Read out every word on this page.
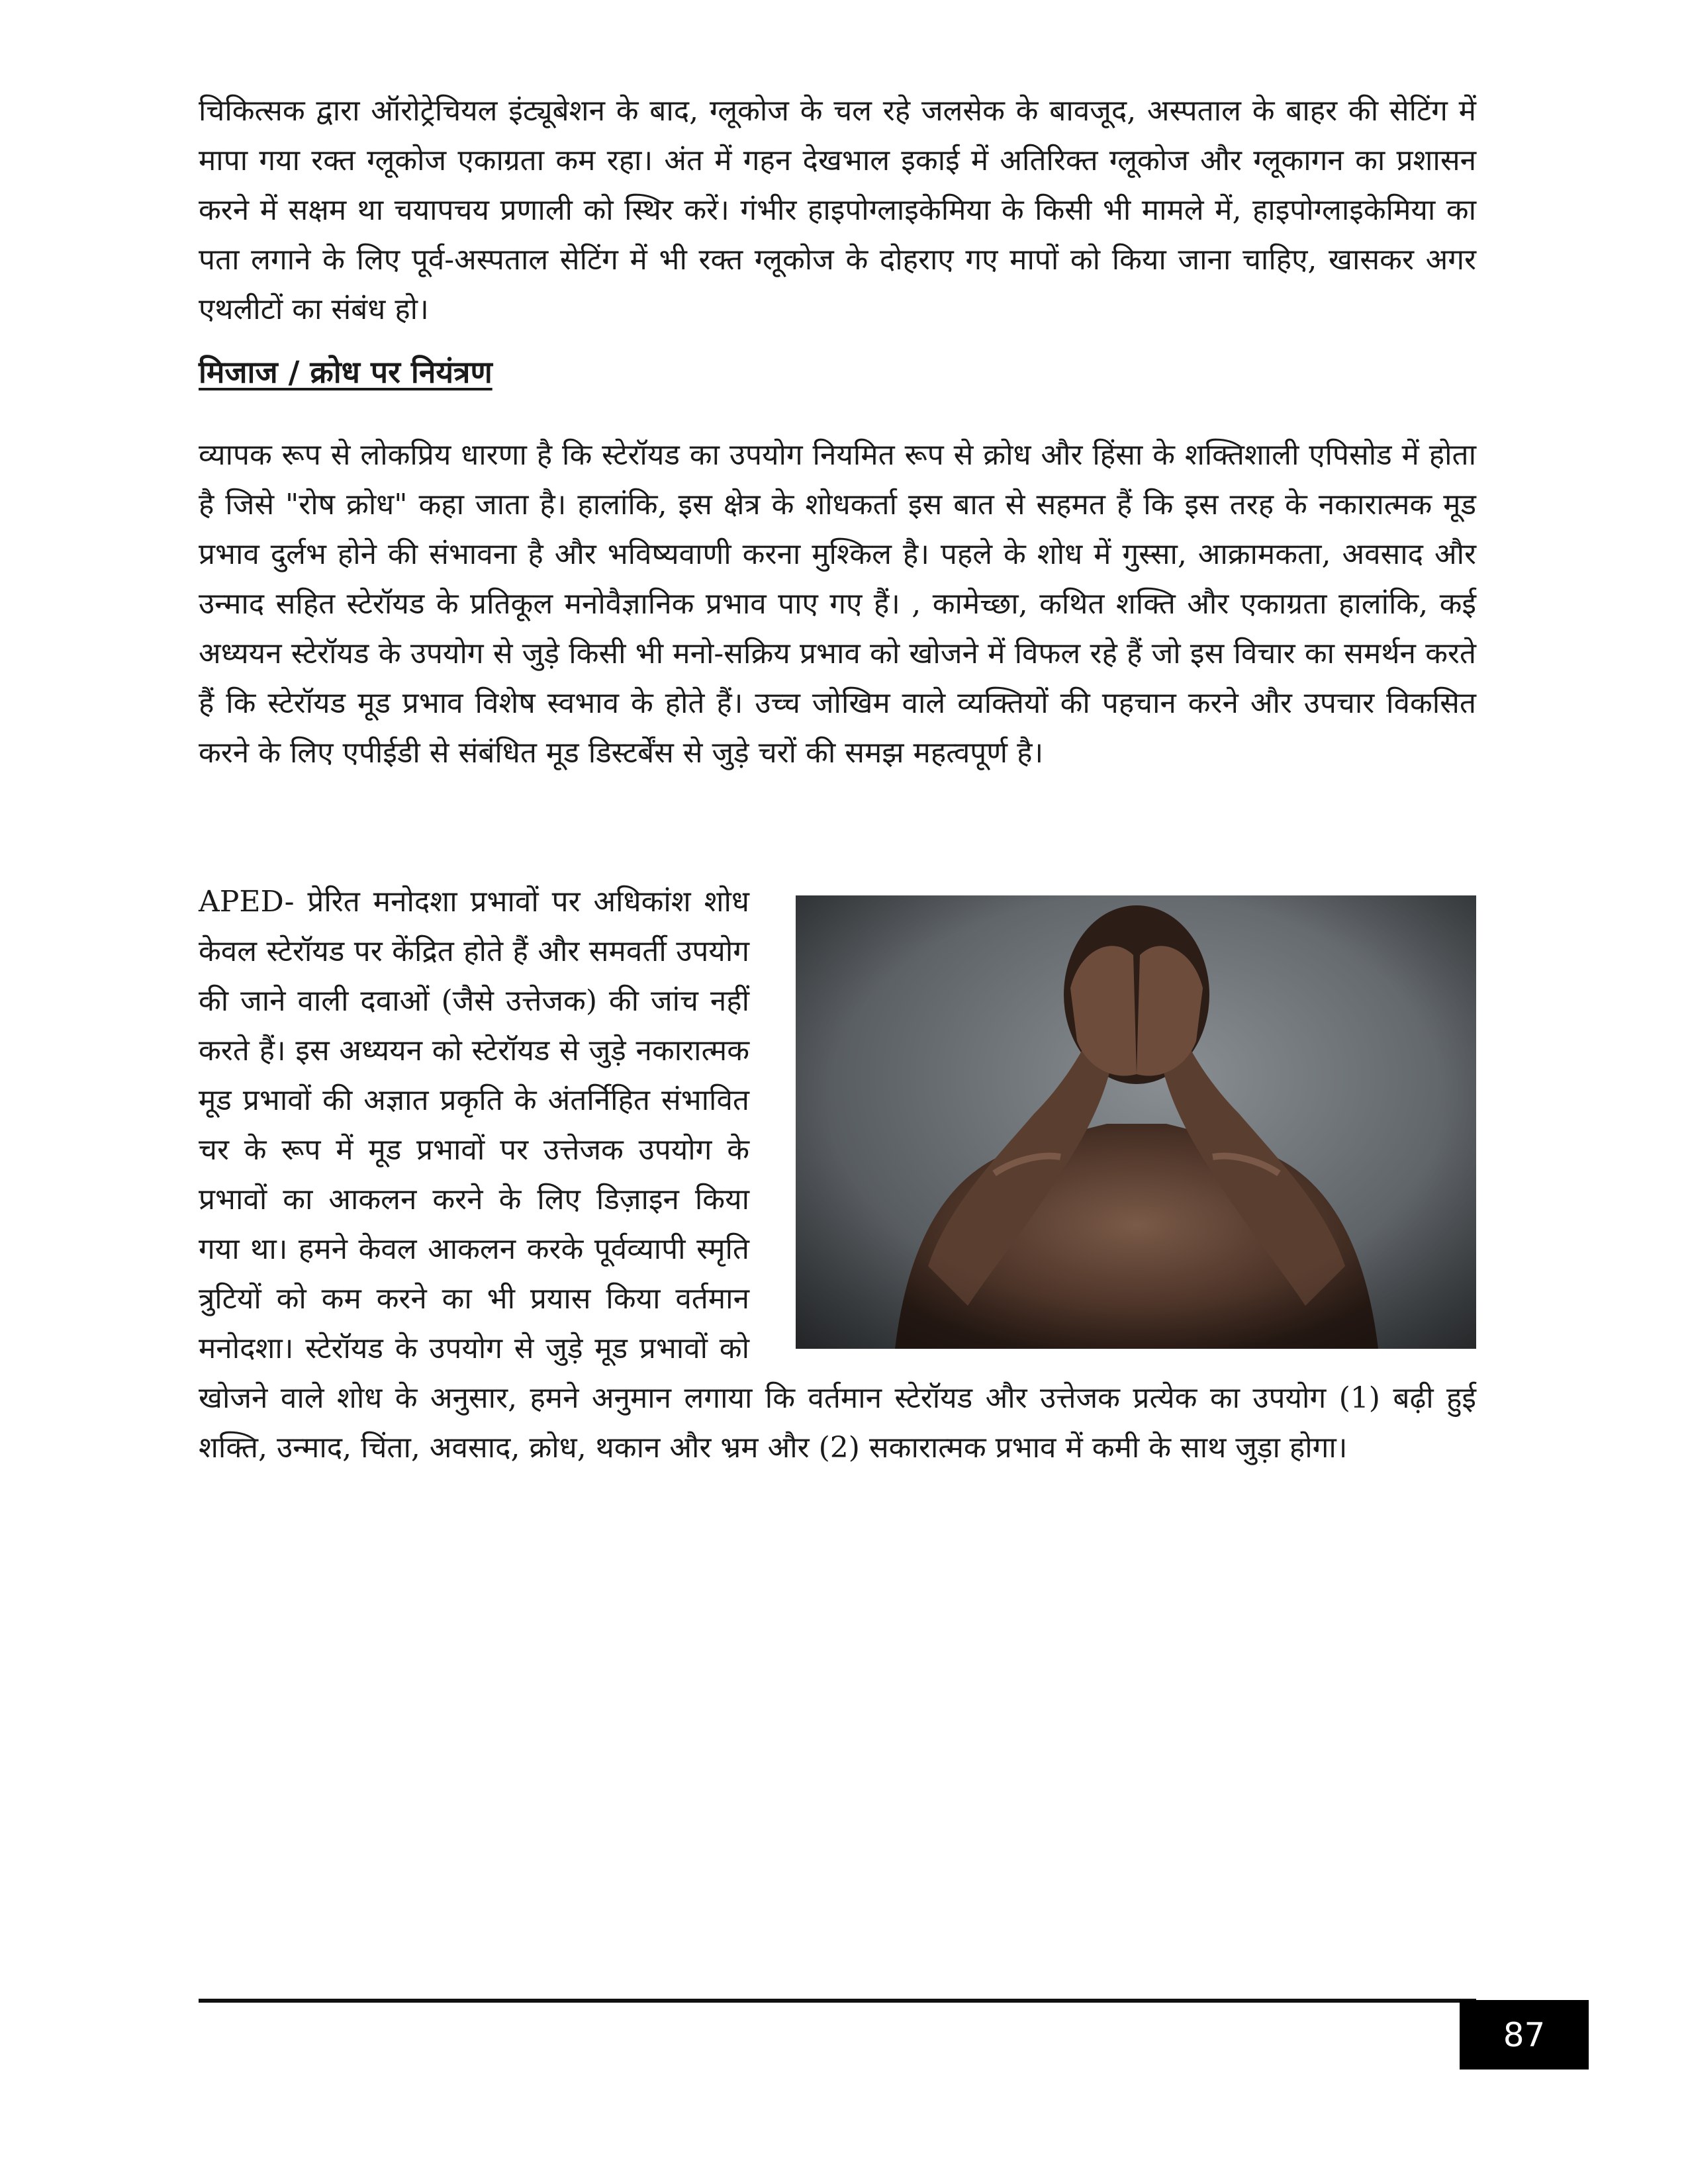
चिकित्सक द्वारा ऑरोट्रेचियल इंट्यूबेशन के बाद, ग्लूकोज के चल रहे जलसेक के बावजूद, अस्पताल के बाहर की सेटिंग में मापा गया रक्त ग्लूकोज एकाग्रता कम रहा। अंत में गहन देखभाल इकाई में अतिरिक्त ग्लूकोज और ग्लूकागन का प्रशासन करने में सक्षम था चयापचय प्रणाली को स्थिर करें। गंभीर हाइपोग्लाइकेमिया के किसी भी मामले में, हाइपोग्लाइकेमिया का पता लगाने के लिए पूर्व-अस्पताल सेटिंग में भी रक्त ग्लूकोज के दोहराए गए मापों को किया जाना चाहिए, खासकर अगर एथलीटों का संबंध हो।

मिजाज / क्रोध पर नियंत्रण

व्यापक रूप से लोकप्रिय धारणा है कि स्टेरॉयड का उपयोग नियमित रूप से क्रोध और हिंसा के शक्तिशाली एपिसोड में होता है जिसे "रोष क्रोध" कहा जाता है। हालांकि, इस क्षेत्र के शोधकर्ता इस बात से सहमत हैं कि इस तरह के नकारात्मक मूड प्रभाव दुर्लभ होने की संभावना है और भविष्यवाणी करना मुश्किल है। पहले के शोध में गुस्सा, आक्रामकता, अवसाद और उन्माद सहित स्टेरॉयड के प्रतिकूल मनोवैज्ञानिक प्रभाव पाए गए हैं। , कामेच्छा, कथित शक्ति और एकाग्रता हालांकि, कई अध्ययन स्टेरॉयड के उपयोग से जुड़े किसी भी मनो-सक्रिय प्रभाव को खोजने में विफल रहे हैं जो इस विचार का समर्थन करते हैं कि स्टेरॉयड मूड प्रभाव विशेष स्वभाव के होते हैं। उच्च जोखिम वाले व्यक्तियों की पहचान करने और उपचार विकसित करने के लिए एपीईडी से संबंधित मूड डिस्टर्बेंस से जुड़े चरों की समझ महत्वपूर्ण है।

APED- प्रेरित मनोदशा प्रभावों पर अधिकांश शोध केवल स्टेरॉयड पर केंद्रित होते हैं और समवर्ती उपयोग की जाने वाली दवाओं (जैसे उत्तेजक) की जांच नहीं करते हैं। इस अध्ययन को स्टेरॉयड से जुड़े नकारात्मक मूड प्रभावों की अज्ञात प्रकृति के अंतर्निहित संभावित चर के रूप में मूड प्रभावों पर उत्तेजक उपयोग के प्रभावों का आकलन करने के लिए डिज़ाइन किया गया था। हमने केवल आकलन करके पूर्वव्यापी स्मृति त्रुटियों को कम करने का भी प्रयास किया वर्तमान मनोदशा। स्टेरॉयड के उपयोग से जुड़े मूड प्रभावों को खोजने वाले शोध के अनुसार, हमने अनुमान लगाया कि वर्तमान स्टेरॉयड और उत्तेजक प्रत्येक का उपयोग (1) बढ़ी हुई शक्ति, उन्माद, चिंता, अवसाद, क्रोध, थकान और भ्रम और (2) सकारात्मक प्रभाव में कमी के साथ जुड़ा होगा।
87
